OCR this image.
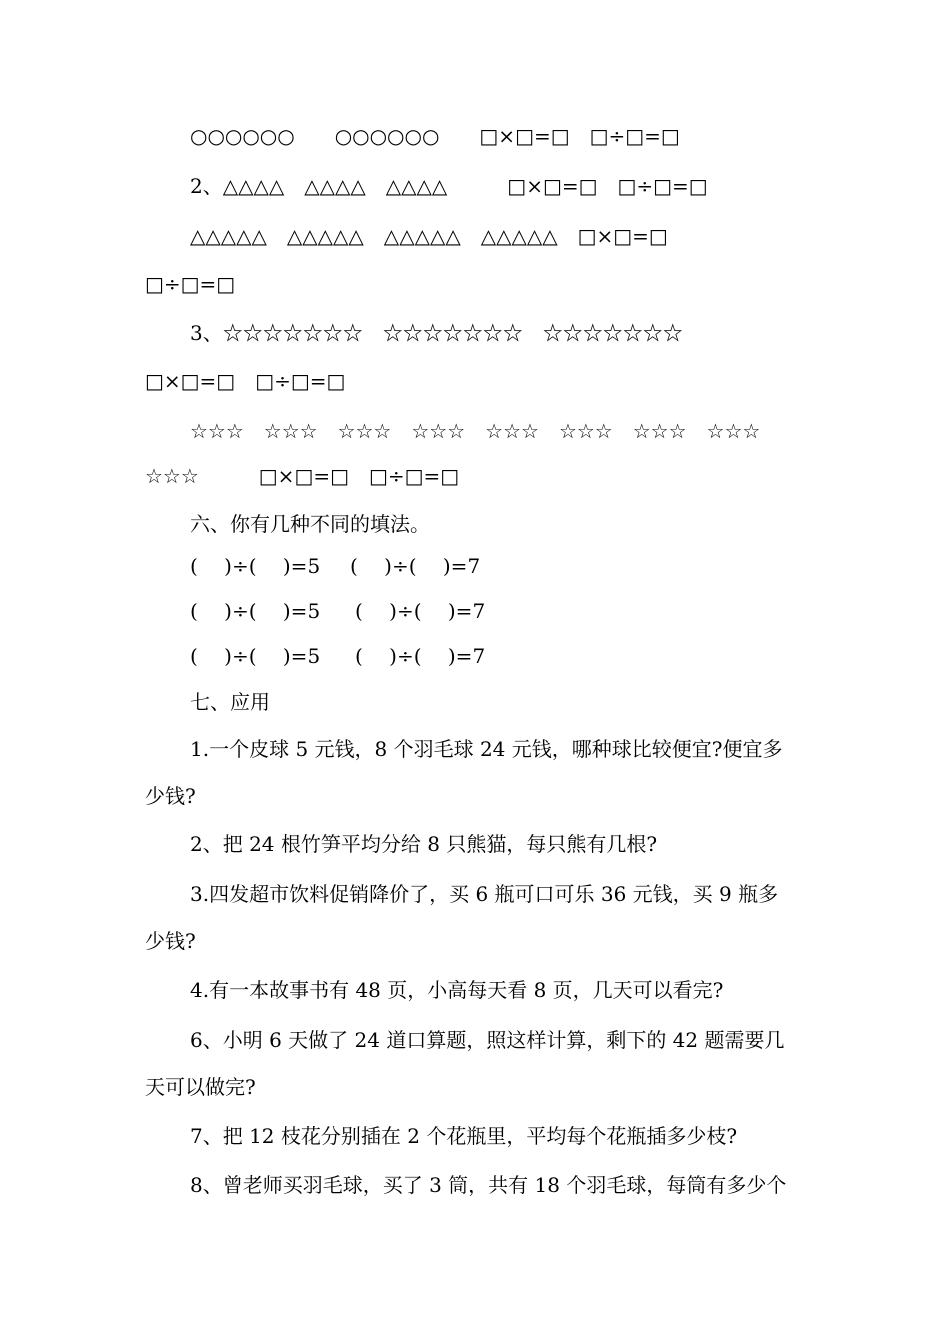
○○○○○○　　○○○○○○　　□×□=□　□÷□=□

2、△△△△　△△△△　△△△△　　　□×□=□　□÷□=□

△△△△△　△△△△△　△△△△△　△△△△△　□×□=□

□÷□=□

3、☆☆☆☆☆☆☆　☆☆☆☆☆☆☆　☆☆☆☆☆☆☆

□×□=□　□÷□=□

☆☆☆　☆☆☆　☆☆☆　☆☆☆　☆☆☆　☆☆☆　☆☆☆　☆☆☆

☆☆☆　　　□×□=□　□÷□=□

六、你有几种不同的填法。

(　 )÷(　 )=5 (　 )÷(　 )=7

(　 )÷(　 )=5 (　 )÷(　 )=7

(　 )÷(　 )=5 (　 )÷(　 )=7

七、应用

1.一个皮球 5 元钱，8 个羽毛球 24 元钱，哪种球比较便宜?便宜多

少钱?

2、把 24 根竹笋平均分给 8 只熊猫，每只熊有几根?

3.四发超市饮料促销降价了，买 6 瓶可口可乐 36 元钱，买 9 瓶多

少钱?

4.有一本故事书有 48 页，小高每天看 8 页，几天可以看完?

6、小明 6 天做了 24 道口算题，照这样计算，剩下的 42 题需要几

天可以做完?

7、把 12 枝花分别插在 2 个花瓶里，平均每个花瓶插多少枝?

8、曾老师买羽毛球，买了 3 筒，共有 18 个羽毛球，每筒有多少个
